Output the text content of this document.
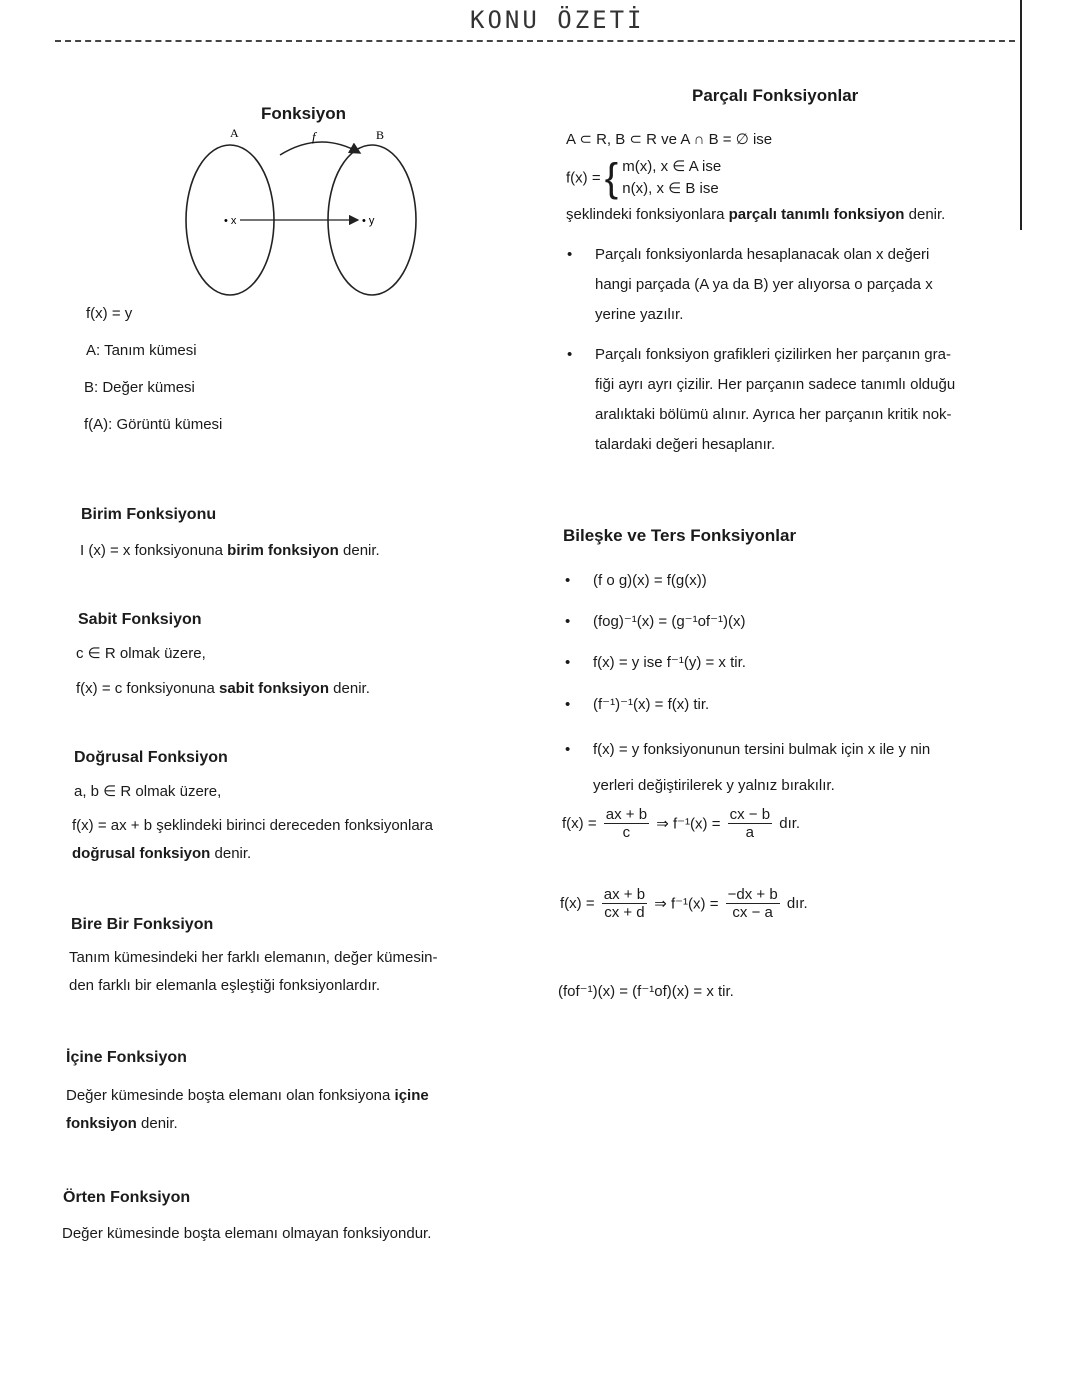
KONU ÖZETİ
Fonksiyon
A	B
f
• x	• y
f(x) = y
A: Tanım kümesi
B: Değer kümesi
f(A): Görüntü kümesi
Birim Fonksiyonu
I (x) = x fonksiyonuna birim fonksiyon denir.
Sabit Fonksiyon
c ∈ R olmak üzere,
f(x) = c fonksiyonuna sabit fonksiyon denir.
Doğrusal Fonksiyon
a, b ∈ R olmak üzere,
f(x) = ax + b şeklindeki birinci dereceden fonksiyonlara
doğrusal fonksiyon denir.
Bire Bir Fonksiyon
Tanım kümesindeki her farklı elemanın, değer kümesin-
den farklı bir elemanla eşleştiği fonksiyonlardır.
İçine Fonksiyon
Değer kümesinde boşta elemanı olan fonksiyona içine
fonksiyon denir.
Örten Fonksiyon
Değer kümesinde boşta elemanı olmayan fonksiyondur.
Parçalı Fonksiyonlar
A ⊂ R, B ⊂ R ve A ∩ B = ∅ ise
f(x) = { m(x), x ∈ A ise
n(x), x ∈ B ise
şeklindeki fonksiyonlara parçalı tanımlı fonksiyon denir.
• Parçalı fonksiyonlarda hesaplanacak olan x değeri
hangi parçada (A ya da B) yer alıyorsa o parçada x
yerine yazılır.
• Parçalı fonksiyon grafikleri çizilirken her parçanın gra-
fiği ayrı ayrı çizilir. Her parçanın sadece tanımlı olduğu
aralıktaki bölümü alınır. Ayrıca her parçanın kritik nok-
talardaki değeri hesaplanır.
Bileşke ve Ters Fonksiyonlar
• (f o g)(x) = f(g(x))
• (fog)⁻¹(x) = (g⁻¹of⁻¹)(x)
• f(x) = y ise f⁻¹(y) = x tir.
• (f⁻¹)⁻¹(x) = f(x) tir.
• f(x) = y fonksiyonunun tersini bulmak için x ile y nin
yerleri değiştirilerek y yalnız bırakılır.
$f(x) = \frac{ax + b}{c}$ ⇒ $f^{-1}(x) = \frac{cx - b}{a}$ dır.
$f(x) = \frac{ax + b}{cx + d}$ ⇒ $f^{-1}(x) = \frac{-dx + b}{cx - a}$ dır.
(fof⁻¹)(x) = (f⁻¹of)(x) = x tir.
